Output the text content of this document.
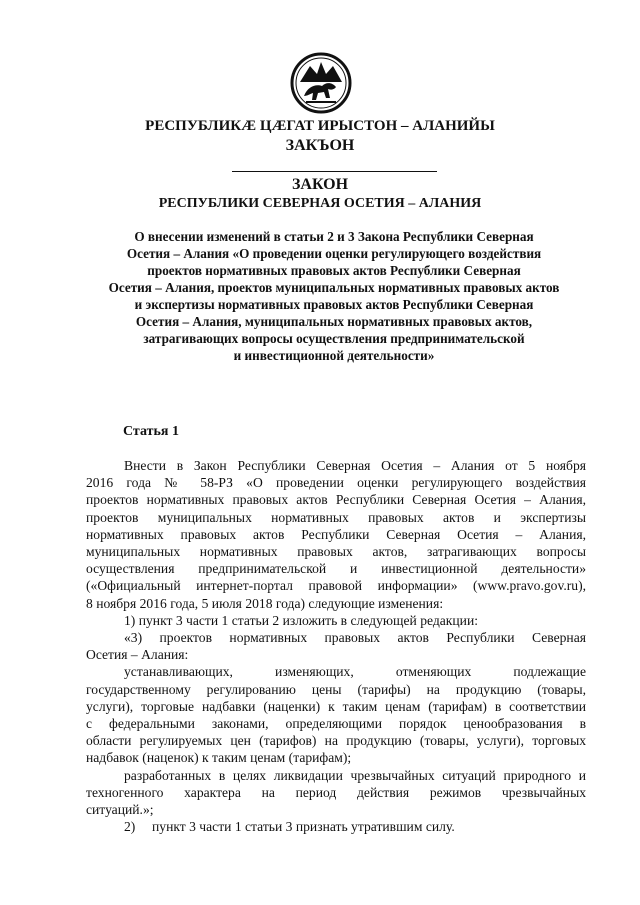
РЕСПУБЛИКӔ ЦӔГАТ ИРЫСТОН – АЛАНИЙЫ
ЗАКЪОН
ЗАКОН
РЕСПУБЛИКИ СЕВЕРНАЯ ОСЕТИЯ – АЛАНИЯ
О внесении изменений в статьи 2 и 3 Закона Республики Северная
Осетия – Алания «О проведении оценки регулирующего воздействия
проектов нормативных правовых актов Республики Северная
Осетия – Алания, проектов муниципальных нормативных правовых актов
и экспертизы нормативных правовых актов Республики Северная
Осетия – Алания, муниципальных нормативных правовых актов,
затрагивающих вопросы осуществления предпринимательской
и инвестиционной деятельности»
Статья 1
Внести в Закон Республики Северная Осетия – Алания от 5 ноября
2016 года № 58-РЗ «О проведении оценки регулирующего воздействия
проектов нормативных правовых актов Республики Северная Осетия – Алания,
проектов муниципальных нормативных правовых актов и экспертизы
нормативных правовых актов Республики Северная Осетия – Алания,
муниципальных нормативных правовых актов, затрагивающих вопросы
осуществления предпринимательской и инвестиционной деятельности»
(«Официальный интернет-портал правовой информации» (www.pravo.gov.ru),
8 ноября 2016 года, 5 июля 2018 года) следующие изменения:
1) пункт 3 части 1 статьи 2 изложить в следующей редакции:
«3) проектов нормативных правовых актов Республики Северная
Осетия – Алания:
устанавливающих, изменяющих, отменяющих подлежащие
государственному регулированию цены (тарифы) на продукцию (товары,
услуги), торговые надбавки (наценки) к таким ценам (тарифам) в соответствии
с федеральными законами, определяющими порядок ценообразования в
области регулируемых цен (тарифов) на продукцию (товары, услуги), торговых
надбавок (наценок) к таким ценам (тарифам);
разработанных в целях ликвидации чрезвычайных ситуаций природного и
техногенного характера на период действия режимов чрезвычайных
ситуаций.»;
2) пункт 3 части 1 статьи 3 признать утратившим силу.
